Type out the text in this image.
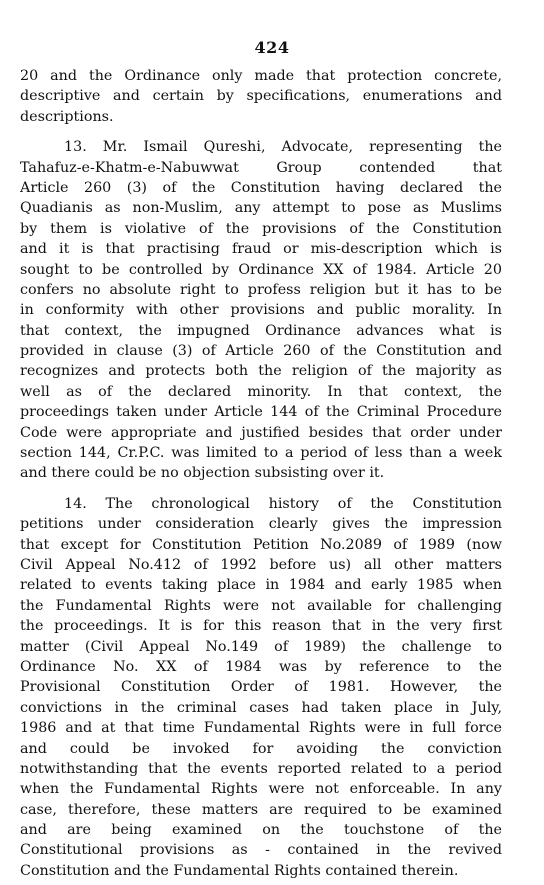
424
20 and the Ordinance only made that protection concrete,
descriptive and certain by specifications, enumerations and
descriptions.
13. Mr. Ismail Qureshi, Advocate, representing the
Tahafuz-e-Khatm-e-Nabuwwat Group contended that
Article 260 (3) of the Constitution having declared the
Quadianis as non-Muslim, any attempt to pose as Muslims
by them is violative of the provisions of the Constitution
and it is that practising fraud or mis-description which is
sought to be controlled by Ordinance XX of 1984. Article 20
confers no absolute right to profess religion but it has to be
in conformity with other provisions and public morality. In
that context, the impugned Ordinance advances what is
provided in clause (3) of Article 260 of the Constitution and
recognizes and protects both the religion of the majority as
well as of the declared minority. In that context, the
proceedings taken under Article 144 of the Criminal Procedure
Code were appropriate and justified besides that order under
section 144, Cr.P.C. was limited to a period of less than a week
and there could be no objection subsisting over it.
14. The chronological history of the Constitution
petitions under consideration clearly gives the impression
that except for Constitution Petition No.2089 of 1989 (now
Civil Appeal No.412 of 1992 before us) all other matters
related to events taking place in 1984 and early 1985 when
the Fundamental Rights were not available for challenging
the proceedings. It is for this reason that in the very first
matter (Civil Appeal No.149 of 1989) the challenge to
Ordinance No. XX of 1984 was by reference to the
Provisional Constitution Order of 1981. However, the
convictions in the criminal cases had taken place in July,
1986 and at that time Fundamental Rights were in full force
and could be invoked for avoiding the conviction
notwithstanding that the events reported related to a period
when the Fundamental Rights were not enforceable. In any
case, therefore, these matters are required to be examined
and are being examined on the touchstone of the
Constitutional provisions as - contained in the revived
Constitution and the Fundamental Rights contained therein.
